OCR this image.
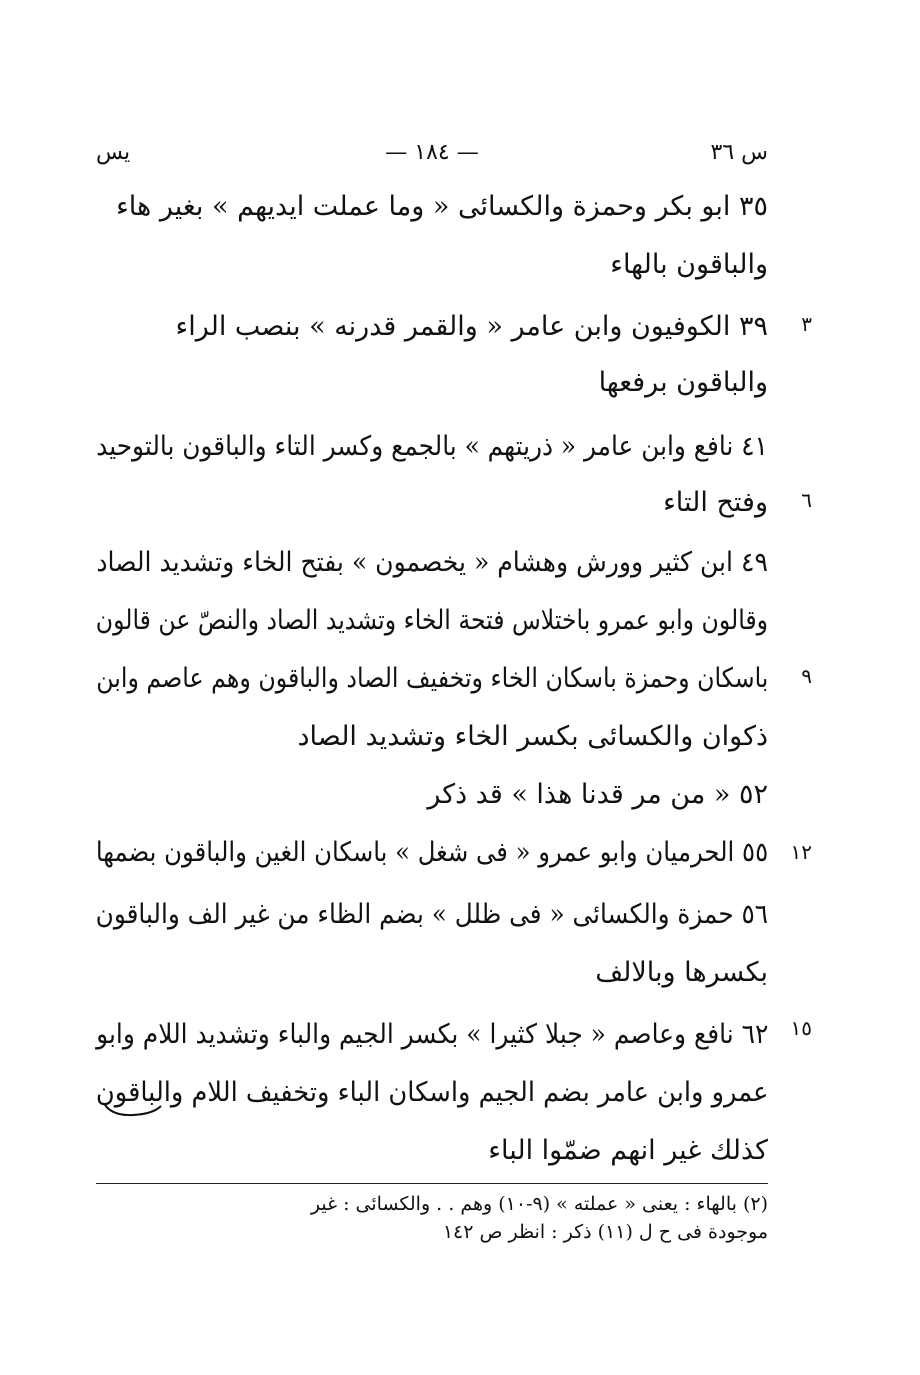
س ٣٦
— ١٨٤ —
يس
٣
٦
٩
١٢
١٥
٣٥ ابو بكر وحمزة والكسائى « وما عملت ايديهم » بغير هاء
والباقون بالهاء
٣٩ الكوفيون وابن عامر « والقمر قدرنه » بنصب الراء
والباقون برفعها
٤١ نافع وابن عامر « ذريتهم » بالجمع وكسر التاء والباقون بالتوحيد
وفتح التاء
٤٩ ابن كثير وورش وهشام « يخصمون » بفتح الخاء وتشديد الصاد
وقالون وابو عمرو باختلاس فتحة الخاء وتشديد الصاد والنصّ عن قالون
باسكان وحمزة باسكان الخاء وتخفيف الصاد والباقون وهم عاصم وابن
ذكوان والكسائى بكسر الخاء وتشديد الصاد
٥٢ « من مر قدنا هذا » قد ذكر
٥٥ الحرميان وابو عمرو « فى شغل » باسكان الغين والباقون بضمها
٥٦ حمزة والكسائى « فى ظلل » بضم الظاء من غير الف والباقون
بكسرها وبالالف
٦٢ نافع وعاصم « جبلا كثيرا » بكسر الجيم والباء وتشديد اللام وابو
عمرو وابن عامر بضم الجيم واسكان الباء وتخفيف اللام والباقون
كذلك غير انهم ضمّوا الباء
(٢) بالهاء : يعنى « عملته » (٩-١٠) وهم . . والكسائى : غير
موجودة فى ح ل (١١) ذكر : انظر ص ١٤٢
